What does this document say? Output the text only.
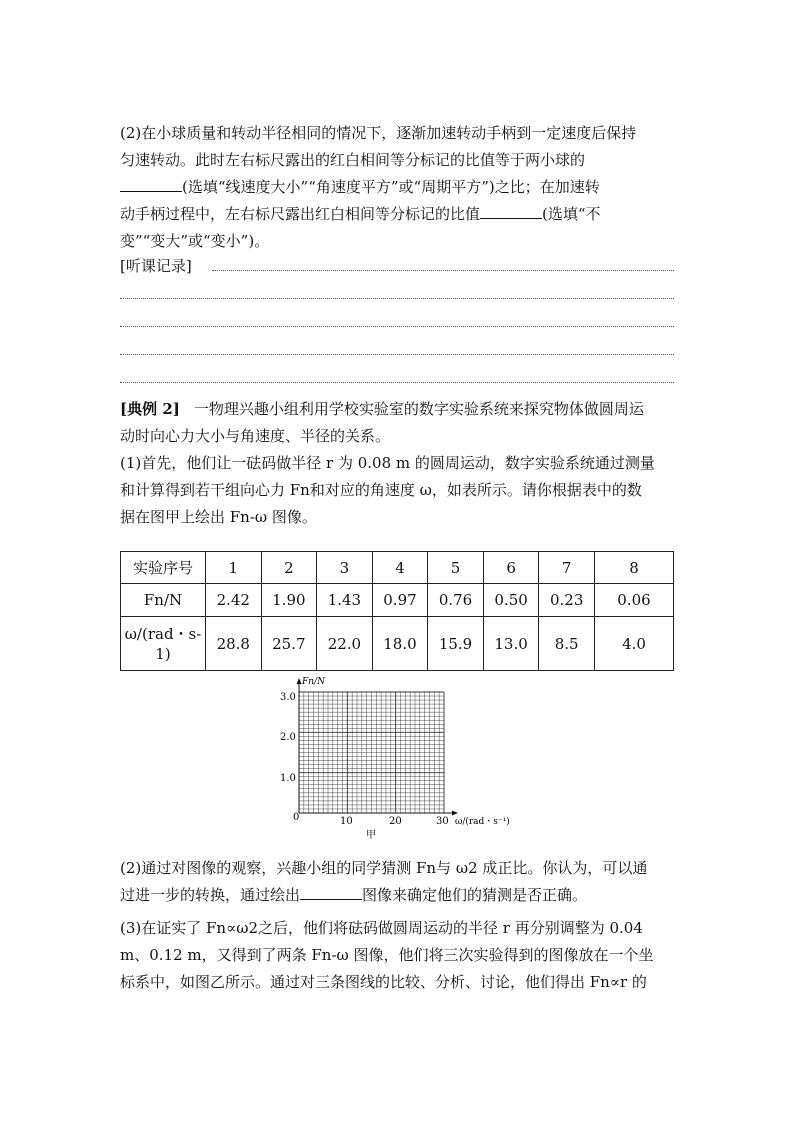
(2)在小球质量和转动半径相同的情况下，逐渐加速转动手柄到一定速度后保持
匀速转动。此时左右标尺露出的红白相间等分标记的比值等于两小球的
(选填“线速度大小”“角速度平方”或“周期平方”)之比；在加速转
动手柄过程中，左右标尺露出红白相间等分标记的比值	(选填“不
变”“变大”或“变小”)。
[听课记录]
[典例 2] 一物理兴趣小组利用学校实验室的数字实验系统来探究物体做圆周运
动时向心力大小与角速度、半径的关系。
(1)首先，他们让一砝码做半径 r 为 0.08 m 的圆周运动，数字实验系统通过测量
和计算得到若干组向心力 Fn和对应的角速度 ω，如表所示。请你根据表中的数
据在图甲上绘出 Fn-ω 图像。
实验序号	1	2	3	4	5	6	7	8
Fn/N	2.42	1.90	1.43	0.97	0.76	0.50	0.23	0.06
ω/(rad・s-
1)	28.8	25.7	22.0	18.0	15.9	13.0	8.5	4.0
Fn/N
ω/(rad・s⁻¹)
0	10	20	30
1.0
2.0
3.0
甲
(2)通过对图像的观察，兴趣小组的同学猜测 Fn与 ω2 成正比。你认为，可以通
过进一步的转换，通过绘出	图像来确定他们的猜测是否正确。
(3)在证实了 Fn∝ω2之后，他们将砝码做圆周运动的半径 r 再分别调整为 0.04
m、0.12 m，又得到了两条 Fn-ω 图像，他们将三次实验得到的图像放在一个坐
标系中，如图乙所示。通过对三条图线的比较、分析、讨论，他们得出 Fn∝r 的
